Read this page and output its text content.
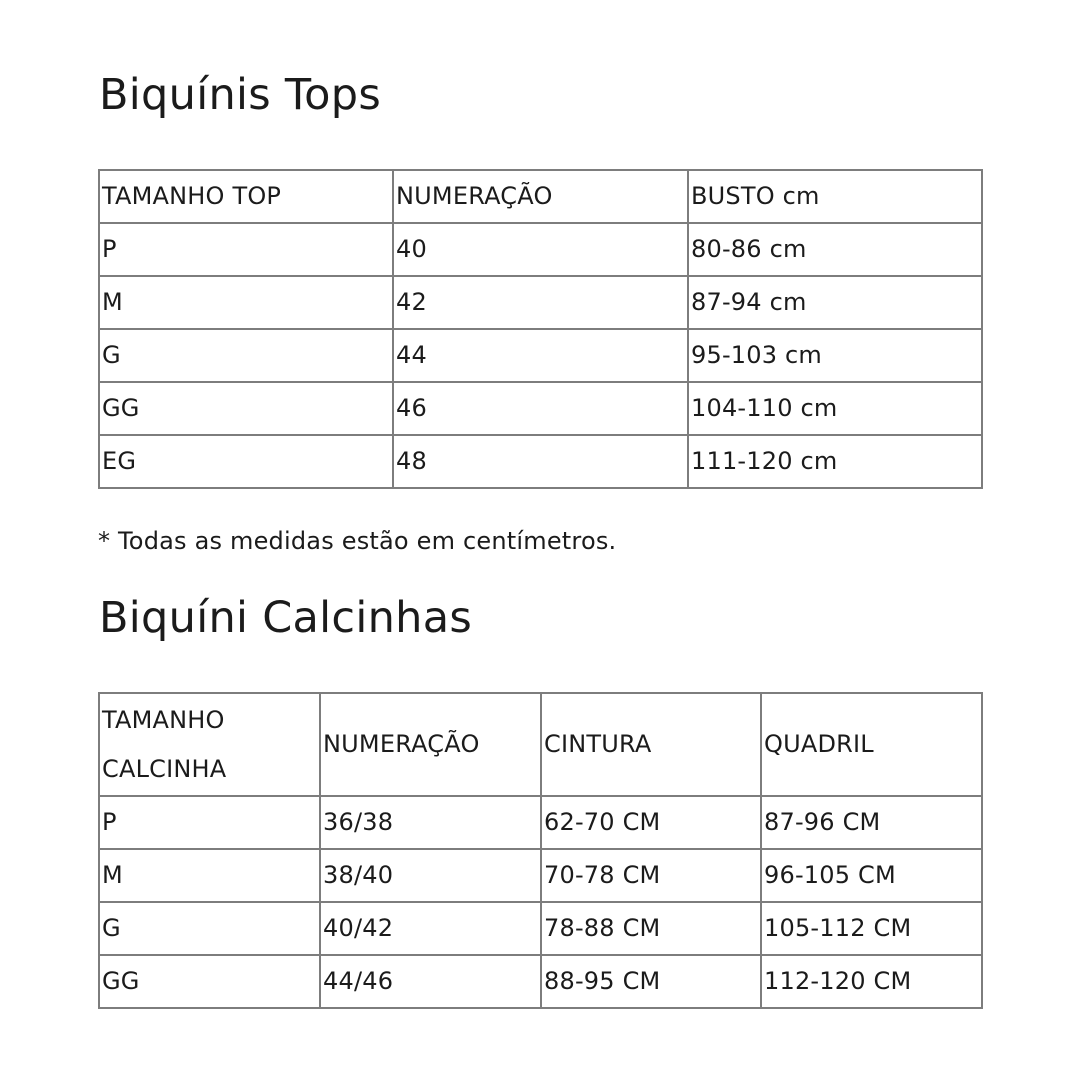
Biquínis Tops
TAMANHO TOP	NUMERAÇÃO	BUSTO cm
P	40	80-86 cm
M	42	87-94 cm
G	44	95-103 cm
GG	46	104-110 cm
EG	48	111-120 cm

* Todas as medidas estão em centímetros.

Biquíni Calcinhas
TAMANHO CALCINHA	NUMERAÇÃO	CINTURA	QUADRIL
P	36/38	62-70 CM	87-96 CM
M	38/40	70-78 CM	96-105 CM
G	40/42	78-88 CM	105-112 CM
GG	44/46	88-95 CM	112-120 CM
